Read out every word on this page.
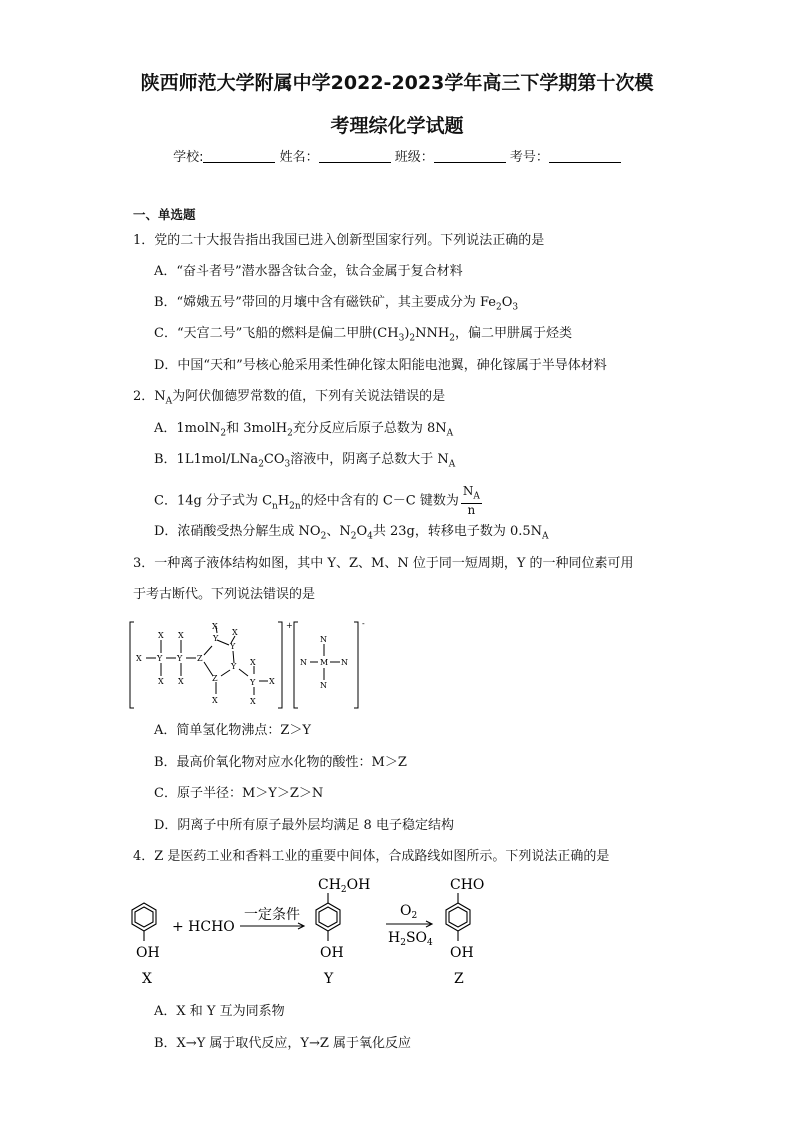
陕西师范大学附属中学2022-2023学年高三下学期第十次模
考理综化学试题
学校:	姓名：	班级：	考号：
一、单选题
1．党的二十大报告指出我国已进入创新型国家行列。下列说法正确的是
A．“奋斗者号”潜水器含钛合金，钛合金属于复合材料
B．“嫦娥五号”带回的月壤中含有磁铁矿，其主要成分为 $Fe_2O_3$
C．“天宫二号”飞船的燃料是偏二甲肼$(CH_3)_2NNH_2$，偏二甲肼属于烃类
D．中国“天和”号核心舱采用柔性砷化镓太阳能电池翼，砷化镓属于半导体材料
2．$N_A$为阿伏伽德罗常数的值，下列有关说法错误的是
A．1molN$_2$和 3molH$_2$充分反应后原子总数为 $8N_A$
B．$1L1mol/LNa_2CO_3$溶液中，阴离子总数大于 $N_A$
C．14g 分子式为 $C_nH_{2n}$的烃中含有的 C－C 键数为 $\frac{N_A}{n}$
D．浓硝酸受热分解生成 $NO_2$、$N_2O_4$共 23g，转移电子数为 $0.5N_A$
3．一种离子液体结构如图，其中 Y、Z、M、N 位于同一短周期，Y 的一种同位素可用
于考古断代。下列说法错误的是
X X
X Y Y
X X
Z
Y
X
Y
X
Y
Z
X
X
Y X
X
+
N
N M N
N
-
A．简单氢化物沸点：Z＞Y
B．最高价氧化物对应水化物的酸性：M＞Z
C．原子半径：M＞Y＞Z＞N
D．阴离子中所有原子最外层均满足 8 电子稳定结构
4．Z 是医药工业和香料工业的重要中间体，合成路线如图所示。下列说法正确的是
+ HCHO
一定条件
OH
X
$CH_2OH$
OH
Y
$O_2$
$H_2SO_4$
CHO
OH
Z
A．X 和 Y 互为同系物
B．X→Y 属于取代反应，Y→Z 属于氧化反应
